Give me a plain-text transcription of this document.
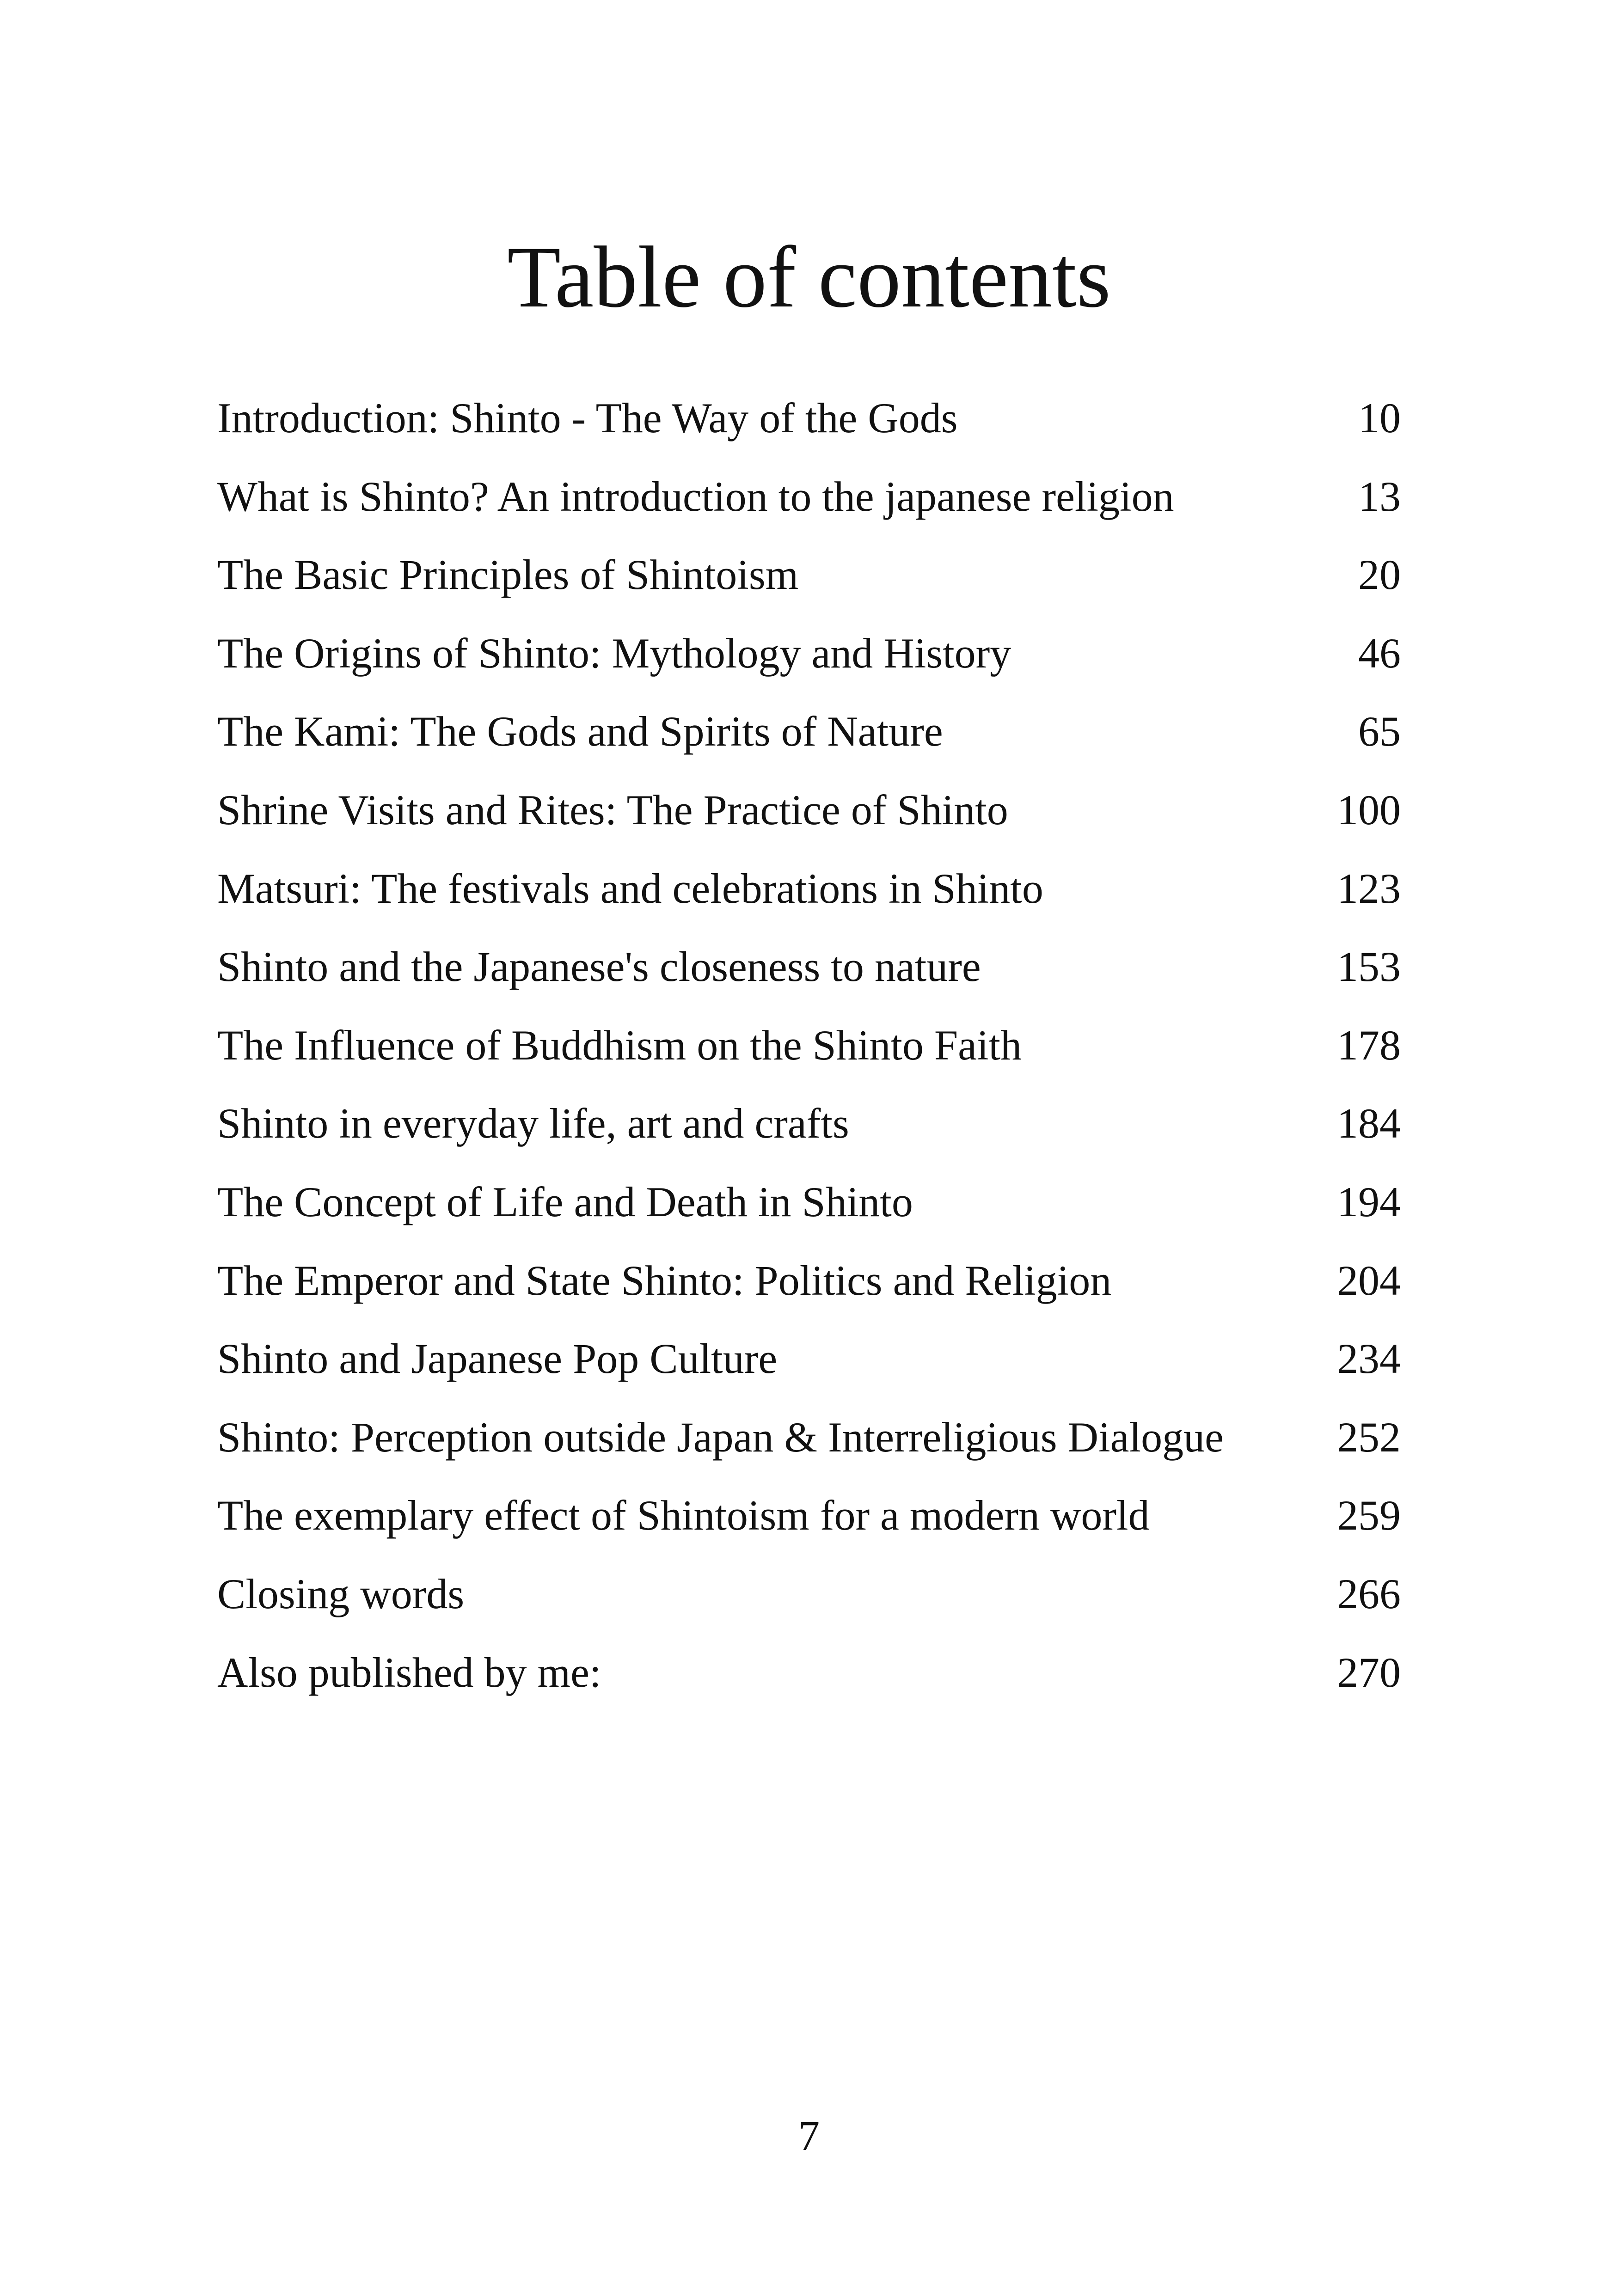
Table of contents
Introduction: Shinto - The Way of the Gods	10
What is Shinto? An introduction to the japanese religion	13
The Basic Principles of Shintoism	20
The Origins of Shinto: Mythology and History	46
The Kami: The Gods and Spirits of Nature	65
Shrine Visits and Rites: The Practice of Shinto	100
Matsuri: The festivals and celebrations in Shinto	123
Shinto and the Japanese's closeness to nature	153
The Influence of Buddhism on the Shinto Faith	178
Shinto in everyday life, art and crafts	184
The Concept of Life and Death in Shinto	194
The Emperor and State Shinto: Politics and Religion	204
Shinto and Japanese Pop Culture	234
Shinto: Perception outside Japan & Interreligious Dialogue	252
The exemplary effect of Shintoism for a modern world	259
Closing words	266
Also published by me:	270
7
